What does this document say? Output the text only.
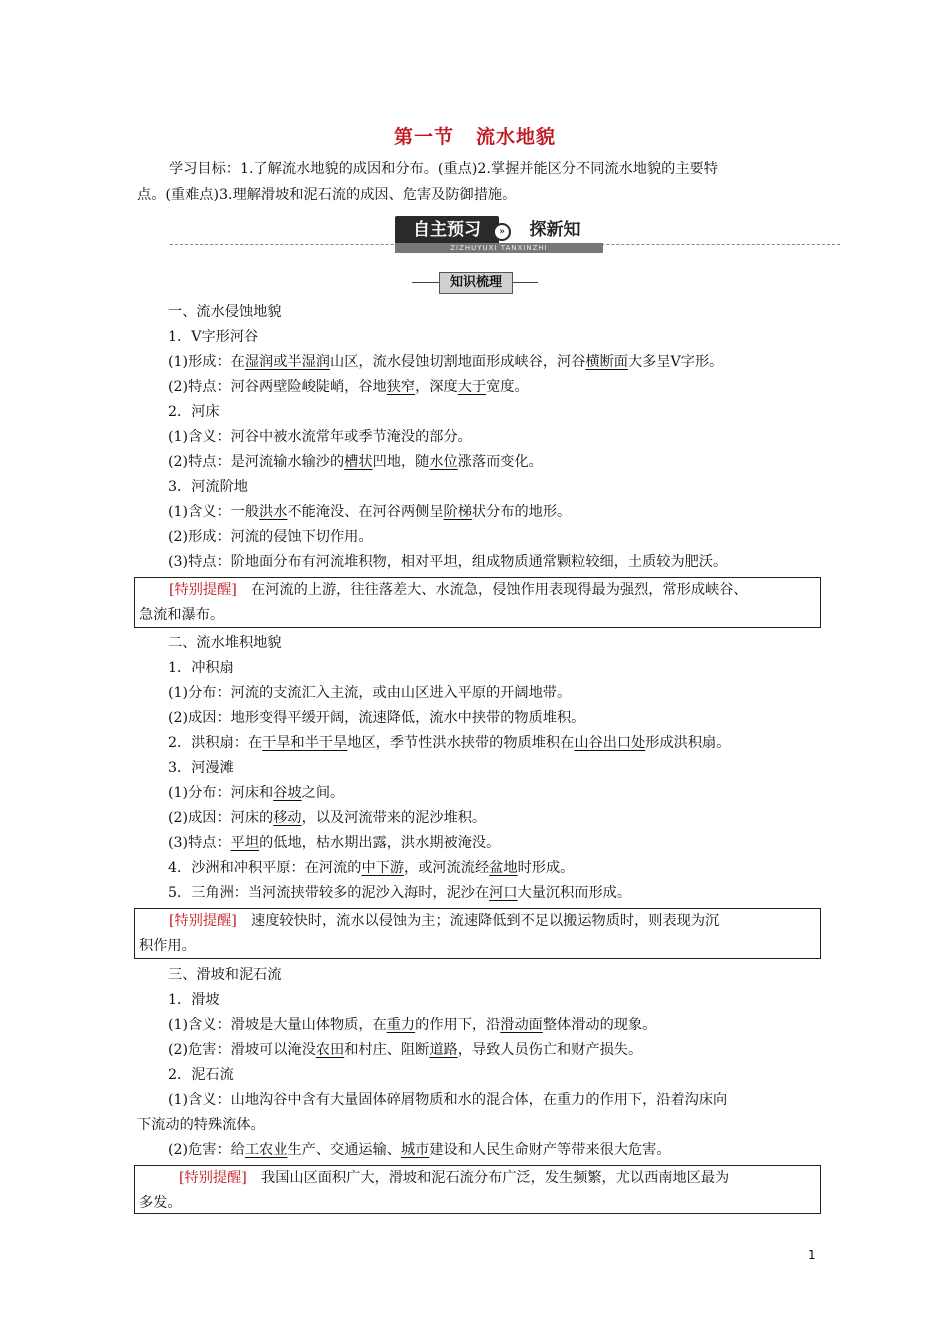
第一节 流水地貌
学习目标：1.了解流水地貌的成因和分布。(重点)2.掌握并能区分不同流水地貌的主要特
点。(重难点)3.理解滑坡和泥石流的成因、危害及防御措施。
自主预习	»	探新知
ZIZHUYUXI TANXINZHI
知识梳理
一、流水侵蚀地貌
1．V字形河谷
(1)形成：在湿润或半湿润山区，流水侵蚀切割地面形成峡谷，河谷横断面大多呈V字形。
(2)特点：河谷两壁险峻陡峭，谷地狭窄，深度大于宽度。
2．河床
(1)含义：河谷中被水流常年或季节淹没的部分。
(2)特点：是河流输水输沙的槽状凹地，随水位涨落而变化。
3．河流阶地
(1)含义：一般洪水不能淹没、在河谷两侧呈阶梯状分布的地形。
(2)形成：河流的侵蚀下切作用。
(3)特点：阶地面分布有河流堆积物，相对平坦，组成物质通常颗粒较细，土质较为肥沃。
[特别提醒]　在河流的上游，往往落差大、水流急，侵蚀作用表现得最为强烈，常形成峡谷、
急流和瀑布。
二、流水堆积地貌
1．冲积扇
(1)分布：河流的支流汇入主流，或由山区进入平原的开阔地带。
(2)成因：地形变得平缓开阔，流速降低，流水中挟带的物质堆积。
2．洪积扇：在干旱和半干旱地区，季节性洪水挟带的物质堆积在山谷出口处形成洪积扇。
3．河漫滩
(1)分布：河床和谷坡之间。
(2)成因：河床的移动，以及河流带来的泥沙堆积。
(3)特点：平坦的低地，枯水期出露，洪水期被淹没。
4．沙洲和冲积平原：在河流的中下游，或河流流经盆地时形成。
5．三角洲：当河流挟带较多的泥沙入海时，泥沙在河口大量沉积而形成。
[特别提醒]　速度较快时，流水以侵蚀为主；流速降低到不足以搬运物质时，则表现为沉
积作用。
三、滑坡和泥石流
1．滑坡
(1)含义：滑坡是大量山体物质，在重力的作用下，沿滑动面整体滑动的现象。
(2)危害：滑坡可以淹没农田和村庄、阻断道路，导致人员伤亡和财产损失。
2．泥石流
(1)含义：山地沟谷中含有大量固体碎屑物质和水的混合体，在重力的作用下，沿着沟床向
下流动的特殊流体。
(2)危害：给工农业生产、交通运输、城市建设和人民生命财产等带来很大危害。
[特别提醒]　我国山区面积广大，滑坡和泥石流分布广泛，发生频繁，尤以西南地区最为
多发。
1
